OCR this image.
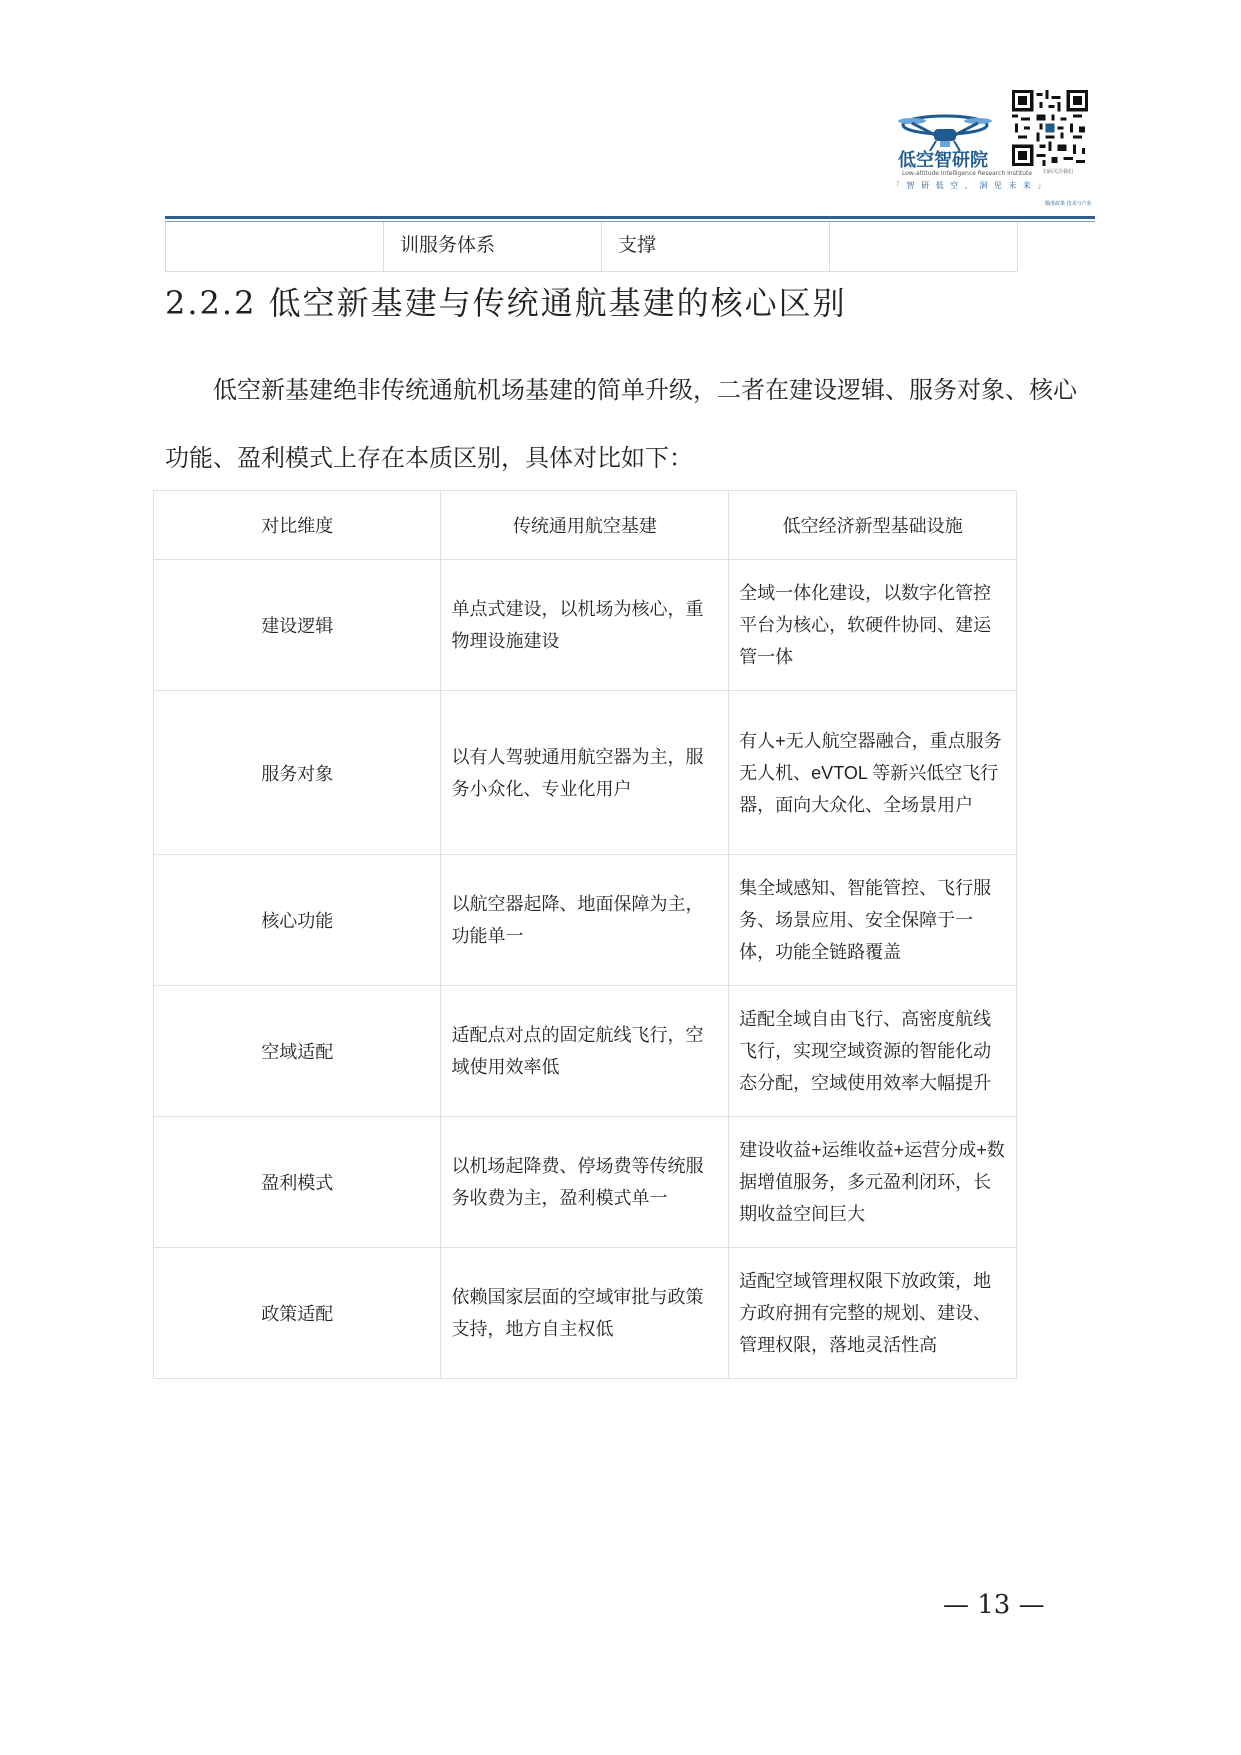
低空智研院
Low-altitude Intelligence Research Institute
「 智 研 低 空 ， 洞 见 未 来 」
扫码关注我们
瞄准政策 技术与产业
	训服务体系	支撑	
2.2.2 低空新基建与传统通航基建的核心区别

低空新基建绝非传统通航机场基建的简单升级，二者在建设逻辑、服务对象、核心功能、盈利模式上存在本质区别，具体对比如下：

对比维度	传统通用航空基建	低空经济新型基础设施
建设逻辑	单点式建设，以机场为核心，重物理设施建设	全域一体化建设，以数字化管控平台为核心，软硬件协同、建运管一体
服务对象	以有人驾驶通用航空器为主，服务小众化、专业化用户	有人+无人航空器融合，重点服务无人机、eVTOL 等新兴低空飞行器，面向大众化、全场景用户
核心功能	以航空器起降、地面保障为主，功能单一	集全域感知、智能管控、飞行服务、场景应用、安全保障于一体，功能全链路覆盖
空域适配	适配点对点的固定航线飞行，空域使用效率低	适配全域自由飞行、高密度航线飞行，实现空域资源的智能化动态分配，空域使用效率大幅提升
盈利模式	以机场起降费、停场费等传统服务收费为主，盈利模式单一	建设收益+运维收益+运营分成+数据增值服务，多元盈利闭环，长期收益空间巨大
政策适配	依赖国家层面的空域审批与政策支持，地方自主权低	适配空域管理权限下放政策，地方政府拥有完整的规划、建设、管理权限，落地灵活性高
— 13 —
